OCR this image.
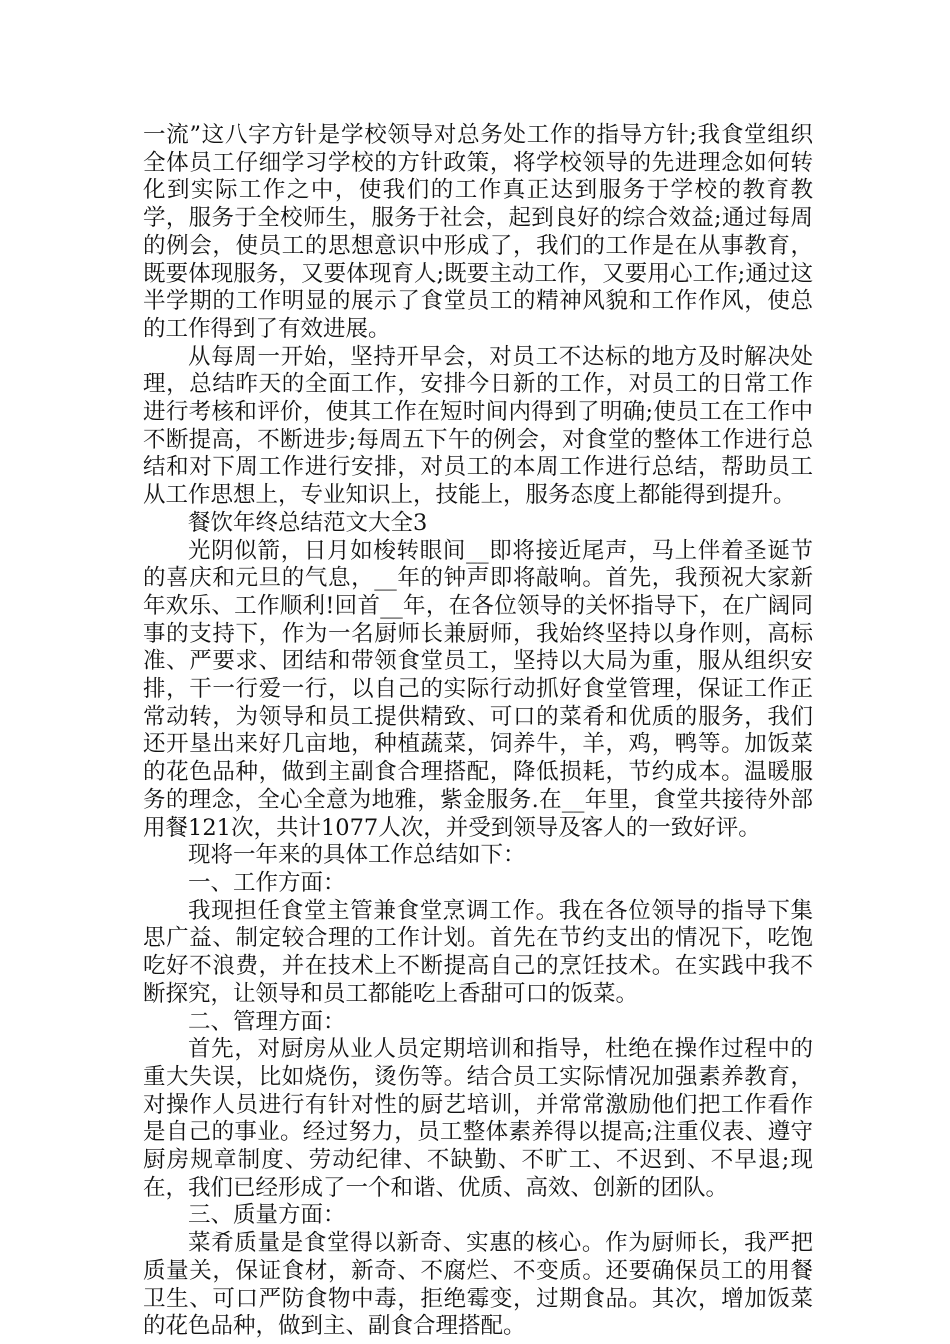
一流”这八字方针是学校领导对总务处工作的指导方针;我食堂组织全体员工仔细学习学校的方针政策，将学校领导的先进理念如何转化到实际工作之中，使我们的工作真正达到服务于学校的教育教学，服务于全校师生，服务于社会，起到良好的综合效益;通过每周的例会，使员工的思想意识中形成了，我们的工作是在从事教育，既要体现服务，又要体现育人;既要主动工作，又要用心工作;通过这半学期的工作明显的展示了食堂员工的精神风貌和工作作风，使总的工作得到了有效进展。

从每周一开始，坚持开早会，对员工不达标的地方及时解决处理，总结昨天的全面工作，安排今日新的工作，对员工的日常工作进行考核和评价，使其工作在短时间内得到了明确;使员工在工作中不断提高，不断进步;每周五下午的例会，对食堂的整体工作进行总结和对下周工作进行安排，对员工的本周工作进行总结，帮助员工从工作思想上，专业知识上，技能上，服务态度上都能得到提升。

餐饮年终总结范文大全3

光阴似箭，日月如梭转眼间__即将接近尾声，马上伴着圣诞节的喜庆和元旦的气息，__年的钟声即将敲响。首先，我预祝大家新年欢乐、工作顺利!回首__年，在各位领导的关怀指导下，在广阔同事的支持下，作为一名厨师长兼厨师，我始终坚持以身作则，高标准、严要求、团结和带领食堂员工，坚持以大局为重，服从组织安排，干一行爱一行，以自己的实际行动抓好食堂管理，保证工作正常动转，为领导和员工提供精致、可口的菜肴和优质的服务，我们还开垦出来好几亩地，种植蔬菜，饲养牛，羊，鸡，鸭等。加饭菜的花色品种，做到主副食合理搭配，降低损耗，节约成本。温暖服务的理念，全心全意为地雅，紫金服务.在__年里，食堂共接待外部用餐121次，共计1077人次，并受到领导及客人的一致好评。

现将一年来的具体工作总结如下：

一、工作方面：

我现担任食堂主管兼食堂烹调工作。我在各位领导的指导下集思广益、制定较合理的工作计划。首先在节约支出的情况下，吃饱吃好不浪费，并在技术上不断提高自己的烹饪技术。在实践中我不断探究，让领导和员工都能吃上香甜可口的饭菜。

二、管理方面：

首先，对厨房从业人员定期培训和指导，杜绝在操作过程中的重大失误，比如烧伤，烫伤等。结合员工实际情况加强素养教育，对操作人员进行有针对性的厨艺培训，并常常激励他们把工作看作是自己的事业。经过努力，员工整体素养得以提高;注重仪表、遵守厨房规章制度、劳动纪律、不缺勤、不旷工、不迟到、不早退;现在，我们已经形成了一个和谐、优质、高效、创新的团队。

三、质量方面：

菜肴质量是食堂得以新奇、实惠的核心。作为厨师长，我严把质量关，保证食材，新奇、不腐烂、不变质。还要确保员工的用餐卫生、可口严防食物中毒，拒绝霉变，过期食品。其次，增加饭菜的花色品种，做到主、副食合理搭配。
